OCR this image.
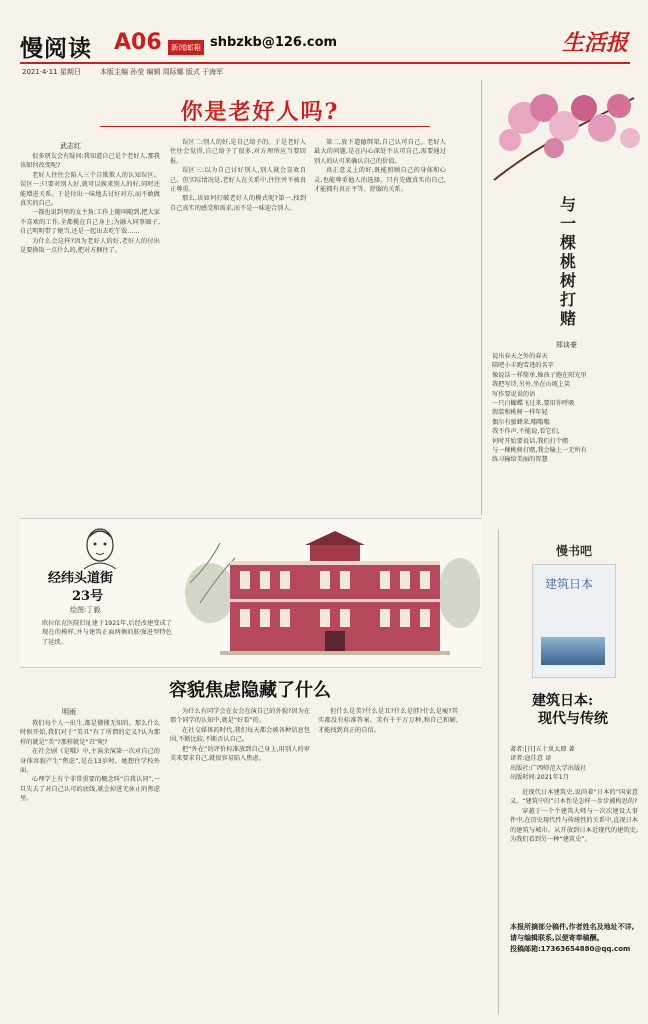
慢阅读 A06	新闻邮箱 shbzkb@126.com	生活报
2021·4·11 星期日	本版主编 孙莹 编辑 周际娜 版式 于海军
你是老好人吗?
武志红

很多朋友会有疑问:我知道自己是个老好人,那我该如何改变呢?

老好人往往会陷入三个自欺欺人的认知误区。误区一:只要对别人好,就可以换来别人的好,同时还能增进关系。于是付出一味地去讨好对方,而不敢做真实的自己。

一都也说到里的女主角:工作上随叫随到,把大家不喜欢的工作,全都揽在自己身上;为融入同事圈子,自己明明带了便当,还是一起出去吃午饭……

为什么会这样?因为老好人的好,老好人的付出是要换取一点什么的,把对方捆住了。

误区二:别人的好,是自己给予的。于是老好人往往会觉得,自己给予了很多,对方理所应当要回报。

误区三:以为自己讨好别人,别人就会喜欢自己。但实际情况是,老好人在关系中,往往并不被真正尊重。

那么,该如何打破老好人的模式呢?第一,找到自己真实的感受和需求,而不是一味迎合别人。

第二,放下道德绑架,自己认可自己。老好人最大的问题,是在内心深处不认可自己,需要通过别人的认可来确认自己的价值。

真正意义上的好,既能照顾自己的身体和心灵,也能尊重他人的选择。只有先做真实的自己,才能拥有真正平等、舒服的关系。

与一棵桃树打赌
郑谈豪

说出春天之外的春天

陪吧小丰跑雪逃的名字

像说话一样简单,像孩子跑在阳光里

我把写诗,另外,坐在山坡上笑

写作要说说的语

一只白蝴蝶飞过来,要用你呼吸

假装和桃树一样年轻

偶尔有蜜蜂来,嗡嗡嗡

我不作声,不能说,看它们,

何时开始要说话,我们打个赌

与一棵桃树打赌,我会输上一无所有

练习输给美丽的智慧

经纬头道街
23号
绘图:丁毅
欧拉依克医院旧址建于1921年,后经改建变成了现在的模样,并与建筑正面两侧的胀强进型特色了延续。
慢书吧
建筑日本
建筑日本:
现代与传统
著者:[日]五十岚太郎 著
译者:寇佳意 译
出版社:广西师范大学出版社
出版时间:2021年1月

近现代日本建筑史,说尚着“日本的”国家意义。“建筑中的”日本性是怎样一步步被构思的?

穿越于一个个建筑大师与一次次建设大事件中,在历史现代性与传统性的关系中,直视日本的建筑与城市。从开放到日本近现代的建筑史,为我们看到另一种“建筑史”。

容貌焦虑隐藏了什么
明雨

我们每个人一出生,都是懂懂无知的。那么什么时候开始,我们对于“美丑”有了所谓的定义?认为那样的就是“美”?那样就是“丑”呢?

在社会剧《是哦》中,主演余演第一次对自己的身体容貌产生“焦虑”,是在13岁时。她想住学校外面。

心理学上有个非常重要的概念叫“自我认同”,一旦失去了对自己认可的底线,就会掉进无休止的焦虑里。

为什么有同学会在女会在演自己的外貌?因为在那个同学的认知中,就是“好看”的。

在社交媒体的时代,我们每天都会被各种信息包围,不断比较,不断否认自己。

把“外在”的评价标准放到自己身上,用别人的审美来要求自己,就很容易陷入焦虑。

但什么是美?什么是丑?什么是胖?什么是瘦?其实都没有标准答案。美有千千万万种,和自己和解,才能找到真正的自信。

本报所摘部分稿件,作者姓名及地址不详,请与编辑联系,以便寄奉稿酬。
投稿邮箱:17363654880@qq.com
